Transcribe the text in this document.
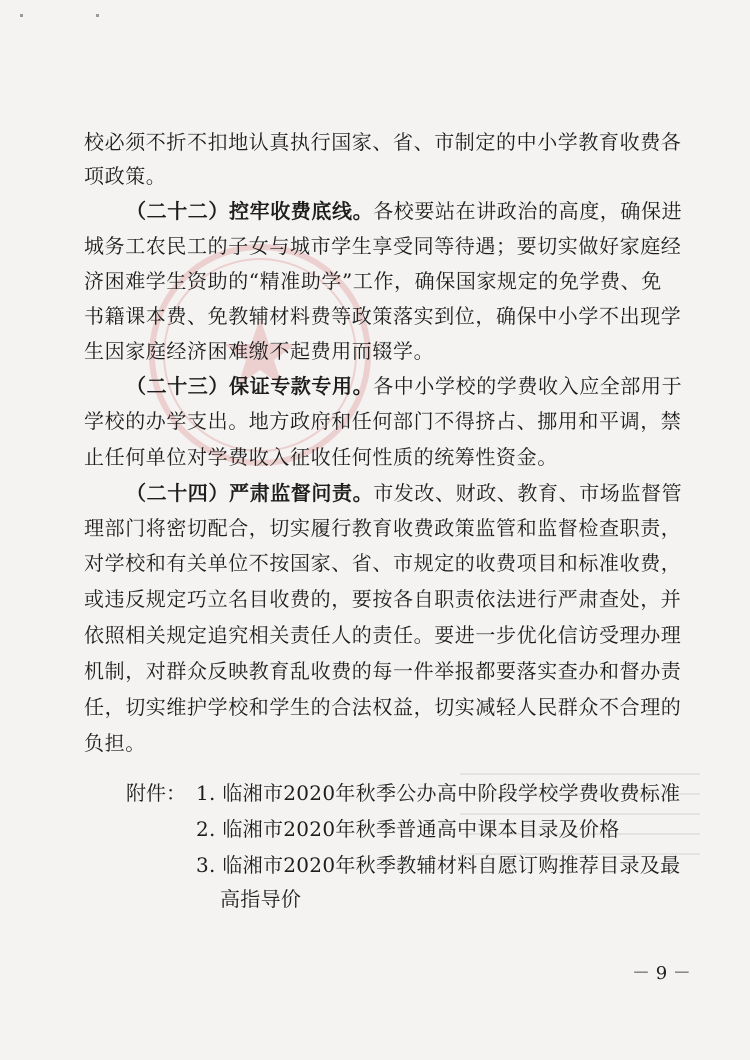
校必须不折不扣地认真执行国家、省、市制定的中小学教育收费各
项政策。
（二十二）控牢收费底线。各校要站在讲政治的高度，确保进
城务工农民工的子女与城市学生享受同等待遇；要切实做好家庭经
济困难学生资助的“精准助学”工作，确保国家规定的免学费、免
书籍课本费、免教辅材料费等政策落实到位，确保中小学不出现学
生因家庭经济困难缴不起费用而辍学。
（二十三）保证专款专用。各中小学校的学费收入应全部用于
学校的办学支出。地方政府和任何部门不得挤占、挪用和平调，禁
止任何单位对学费收入征收任何性质的统筹性资金。
（二十四）严肃监督问责。市发改、财政、教育、市场监督管
理部门将密切配合，切实履行教育收费政策监管和监督检查职责，
对学校和有关单位不按国家、省、市规定的收费项目和标准收费，
或违反规定巧立名目收费的，要按各自职责依法进行严肃查处，并
依照相关规定追究相关责任人的责任。要进一步优化信访受理办理
机制，对群众反映教育乱收费的每一件举报都要落实查办和督办责
任，切实维护学校和学生的合法权益，切实减轻人民群众不合理的
负担。
附件： 1. 临湘市2020年秋季公办高中阶段学校学费收费标准
2. 临湘市2020年秋季普通高中课本目录及价格
3. 临湘市2020年秋季教辅材料自愿订购推荐目录及最
高指导价
－ 9 －
